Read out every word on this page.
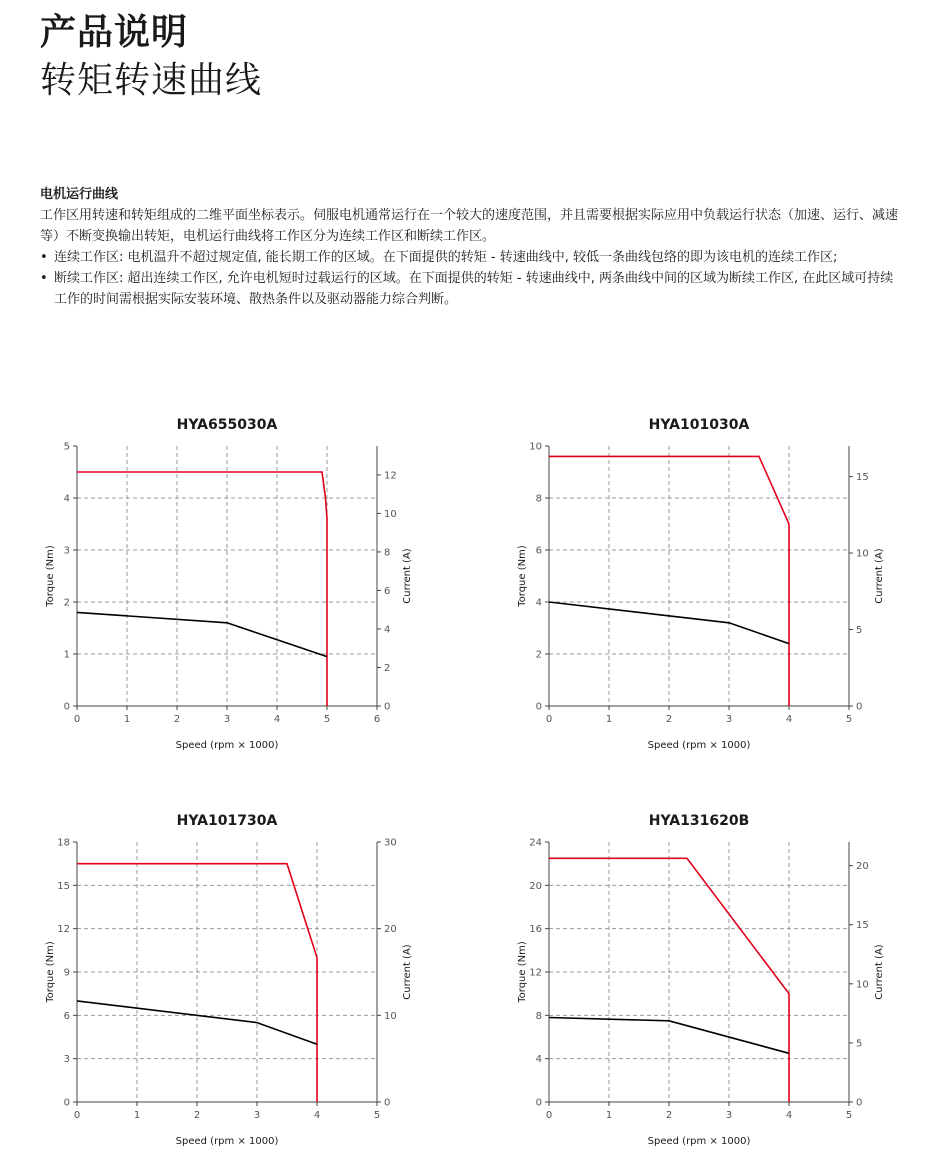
产品说明
转矩转速曲线
电机运行曲线

工作区用转速和转矩组成的二维平面坐标表示。伺服电机通常运行在一个较大的速度范围，并且需要根据实际应用中负载运行状态（加速、运行、减速等）不断变换输出转矩，电机运行曲线将工作区分为连续工作区和断续工作区。

• 连续工作区: 电机温升不超过规定值, 能长期工作的区域。在下面提供的转矩 - 转速曲线中, 较低一条曲线包络的即为该电机的连续工作区;
• 断续工作区: 超出连续工作区, 允许电机短时过载运行的区域。在下面提供的转矩 - 转速曲线中, 两条曲线中间的区域为断续工作区, 在此区域可持续工作的时间需根据实际安装环境、散热条件以及驱动器能力综合判断。
HYA655030A
0	1	2	3	4	5	6
0
1
2
3
4
5
0
2
4
6
8
10
12
Speed (rpm × 1000)
Torque (Nm)	Current (A)
HYA101030A
0	1	2	3	4	5
0
2
4
6
8
10
0
5
10
15
Speed (rpm × 1000)
Torque (Nm)	Current (A)
HYA101730A
0	1	2	3	4	5
0
3
6
9
12
15
18
0
10
20
30
Speed (rpm × 1000)
Torque (Nm)	Current (A)
HYA131620B
0	1	2	3	4	5
0
4
8
12
16
20
24
0
5
10
15
20
Speed (rpm × 1000)
Torque (Nm)	Current (A)
